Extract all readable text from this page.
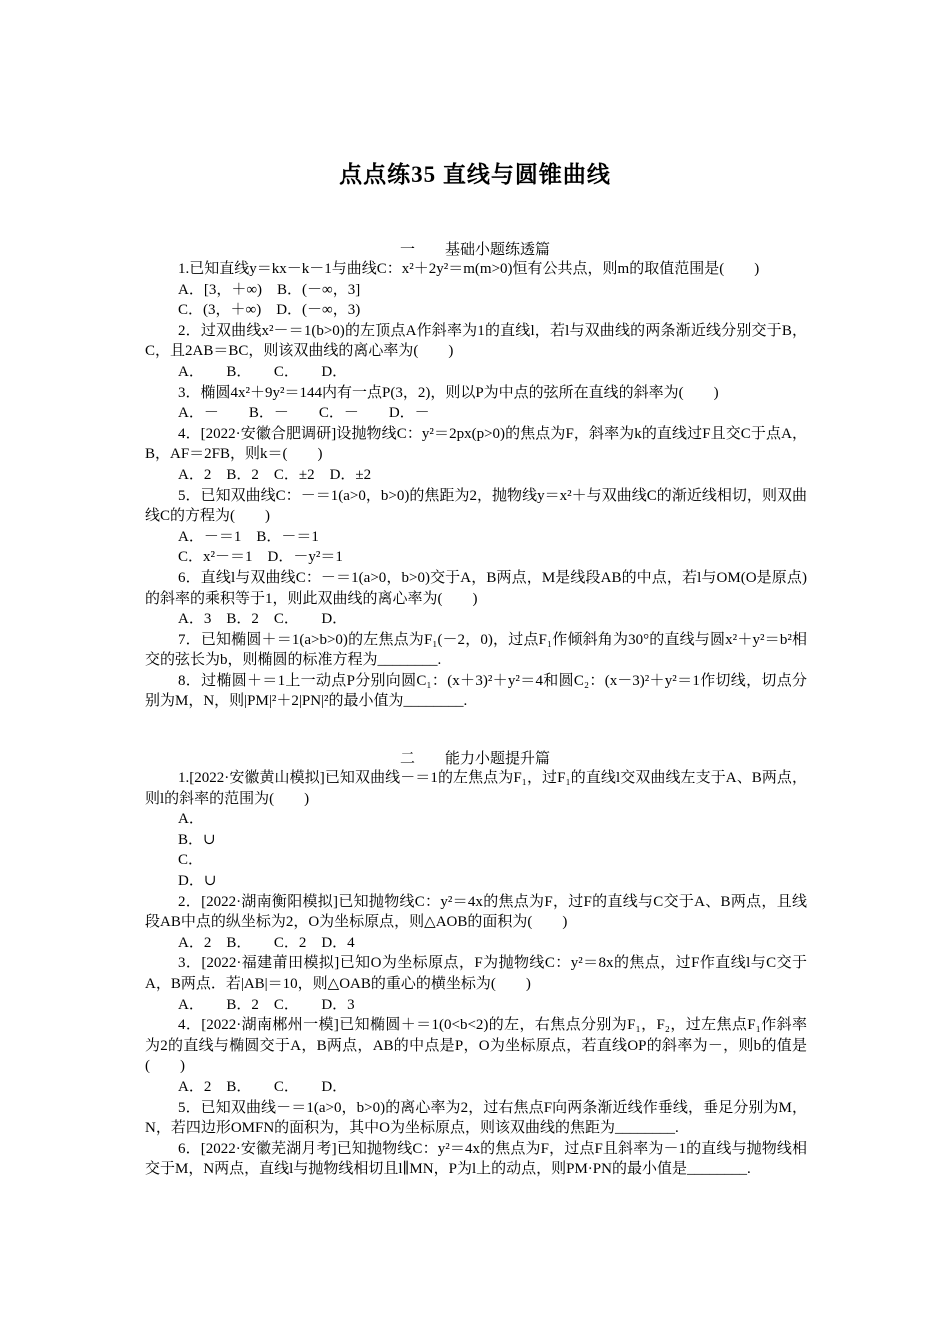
点点练35 直线与圆锥曲线
一 基础小题练透篇

1.已知直线y＝kx－k－1与曲线C：x²＋2y²＝m(m>0)恒有公共点，则m的取值范围是(　　)

A．[3，＋∞)　B．(－∞，3]

C．(3，＋∞)　D．(－∞，3)

2．过双曲线x²－＝1(b>0)的左顶点A作斜率为1的直线l，若l与双曲线的两条渐近线分别交于B，C，且2AB＝BC，则该双曲线的离心率为(　　)

A．　　B．　　C．　　D．

3．椭圆4x²＋9y²＝144内有一点P(3，2)，则以P为中点的弦所在直线的斜率为(　　)

A．－　　B．－　　C．－　　D．－

4．[2022·安徽合肥调研]设抛物线C：y²＝2px(p>0)的焦点为F，斜率为k的直线过F且交C于点A，B，AF＝2FB，则k＝(　　)

A．2　B．2　C．±2　D．±2

5．已知双曲线C：－＝1(a>0，b>0)的焦距为2，抛物线y＝x²＋与双曲线C的渐近线相切，则双曲线C的方程为(　　)

A．－＝1　B．－＝1

C．x²－＝1　D．－y²＝1

6．直线l与双曲线C：－＝1(a>0，b>0)交于A，B两点，M是线段AB的中点，若l与OM(O是原点)的斜率的乘积等于1，则此双曲线的离心率为(　　)

A．3　B．2　C．　　D．

7．已知椭圆＋＝1(a>b>0)的左焦点为F₁(－2，0)，过点F₁作倾斜角为30°的直线与圆x²＋y²＝b²相交的弦长为b，则椭圆的标准方程为________.

8．过椭圆＋＝1上一动点P分别向圆C₁：(x＋3)²＋y²＝4和圆C₂：(x－3)²＋y²＝1作切线，切点分别为M，N，则|PM|²＋2|PN|²的最小值为________.

二 能力小题提升篇

1.[2022·安徽黄山模拟]已知双曲线－＝1的左焦点为F₁，过F₁的直线l交双曲线左支于A、B两点，则l的斜率的范围为(　　)

A．

B．∪

C．

D．∪

2．[2022·湖南衡阳模拟]已知抛物线C：y²＝4x的焦点为F，过F的直线与C交于A、B两点，且线段AB中点的纵坐标为2，O为坐标原点，则△AOB的面积为(　　)

A．2　B．　　C．2　D．4

3．[2022·福建莆田模拟]已知O为坐标原点，F为抛物线C：y²＝8x的焦点，过F作直线l与C交于A，B两点．若|AB|＝10，则△OAB的重心的横坐标为(　　)

A．　　B．2　C．　　D．3

4．[2022·湖南郴州一模]已知椭圆＋＝1(0<b<2)的左，右焦点分别为F₁，F₂，过左焦点F₁作斜率为2的直线与椭圆交于A，B两点，AB的中点是P，O为坐标原点，若直线OP的斜率为－，则b的值是(　　)

A．2　B．　　C．　　D．

5．已知双曲线－＝1(a>0，b>0)的离心率为2，过右焦点F向两条渐近线作垂线，垂足分别为M，N，若四边形OMFN的面积为，其中O为坐标原点，则该双曲线的焦距为________.

6．[2022·安徽芜湖月考]已知抛物线C：y²＝4x的焦点为F，过点F且斜率为－1的直线与抛物线相交于M，N两点，直线l与抛物线相切且l∥MN，P为l上的动点，则PM·PN的最小值是________.
